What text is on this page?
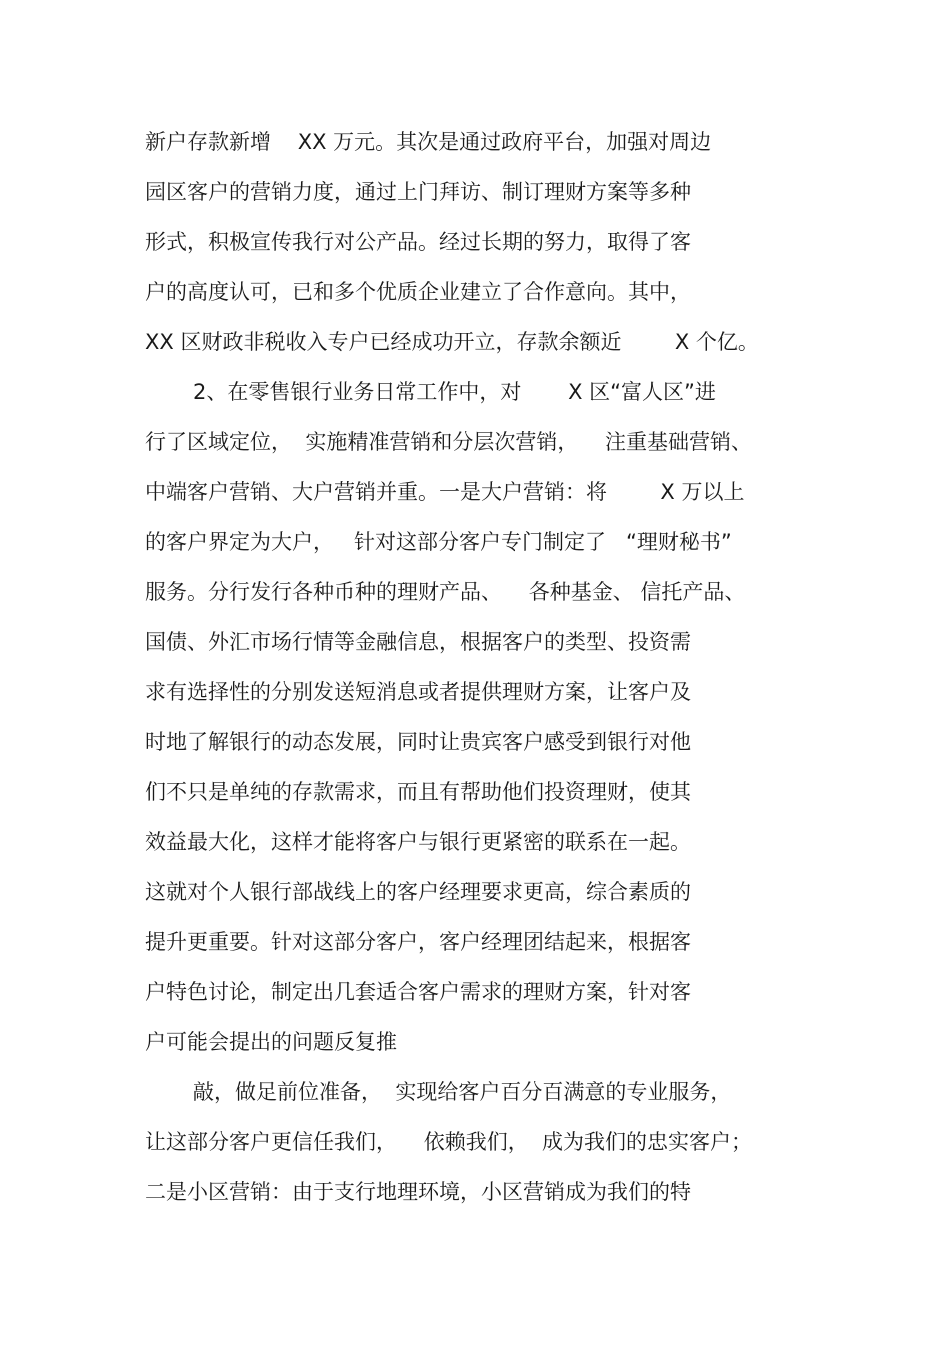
新户存款新增    XX 万元。其次是通过政府平台，加强对周边
园区客户的营销力度，通过上门拜访、制订理财方案等多种
形式，积极宣传我行对公产品。经过长期的努力，取得了客
户的高度认可，已和多个优质企业建立了合作意向。其中，
XX 区财政非税收入专户已经成功开立，存款余额近        X 个亿。
2、在零售银行业务日常工作中，对       X 区“富人区”进
行了区域定位，  实施精准营销和分层次营销，    注重基础营销、
中端客户营销、大户营销并重。一是大户营销：将        X 万以上
的客户界定为大户，   针对这部分客户专门制定了   “理财秘书”
服务。分行发行各种币种的理财产品、    各种基金、 信托产品、
国债、外汇市场行情等金融信息，根据客户的类型、投资需
求有选择性的分别发送短消息或者提供理财方案，让客户及
时地了解银行的动态发展，同时让贵宾客户感受到银行对他
们不只是单纯的存款需求，而且有帮助他们投资理财，使其
效益最大化，这样才能将客户与银行更紧密的联系在一起。
这就对个人银行部战线上的客户经理要求更高，综合素质的
提升更重要。针对这部分客户，客户经理团结起来，根据客
户特色讨论，制定出几套适合客户需求的理财方案，针对客
户可能会提出的问题反复推
敲，做足前位准备，  实现给客户百分百满意的专业服务，
让这部分客户更信任我们，    依赖我们，  成为我们的忠实客户；
二是小区营销：由于支行地理环境，小区营销成为我们的特
